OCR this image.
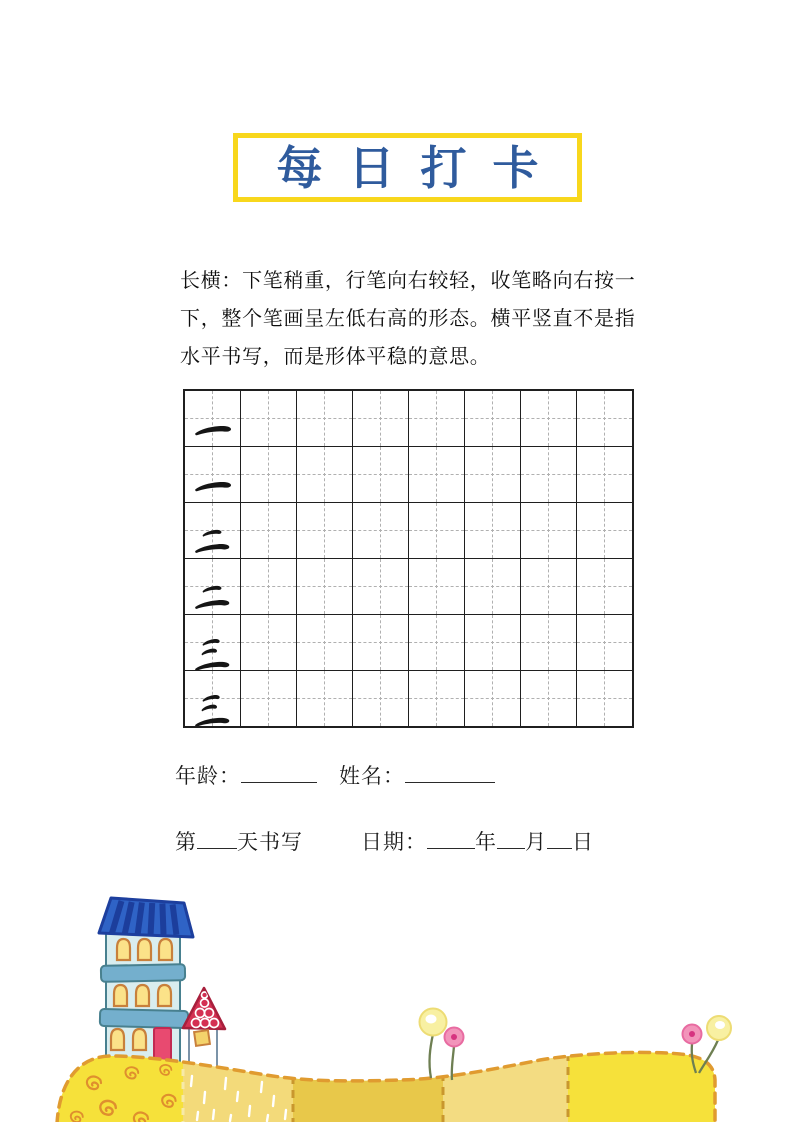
每日打卡
长横：下笔稍重，行笔向右较轻，收笔略向右按一
下，整个笔画呈左低右高的形态。横平竖直不是指
水平书写，而是形体平稳的意思。

年龄：	姓名：
第 天书写	日期： 年 月 日
